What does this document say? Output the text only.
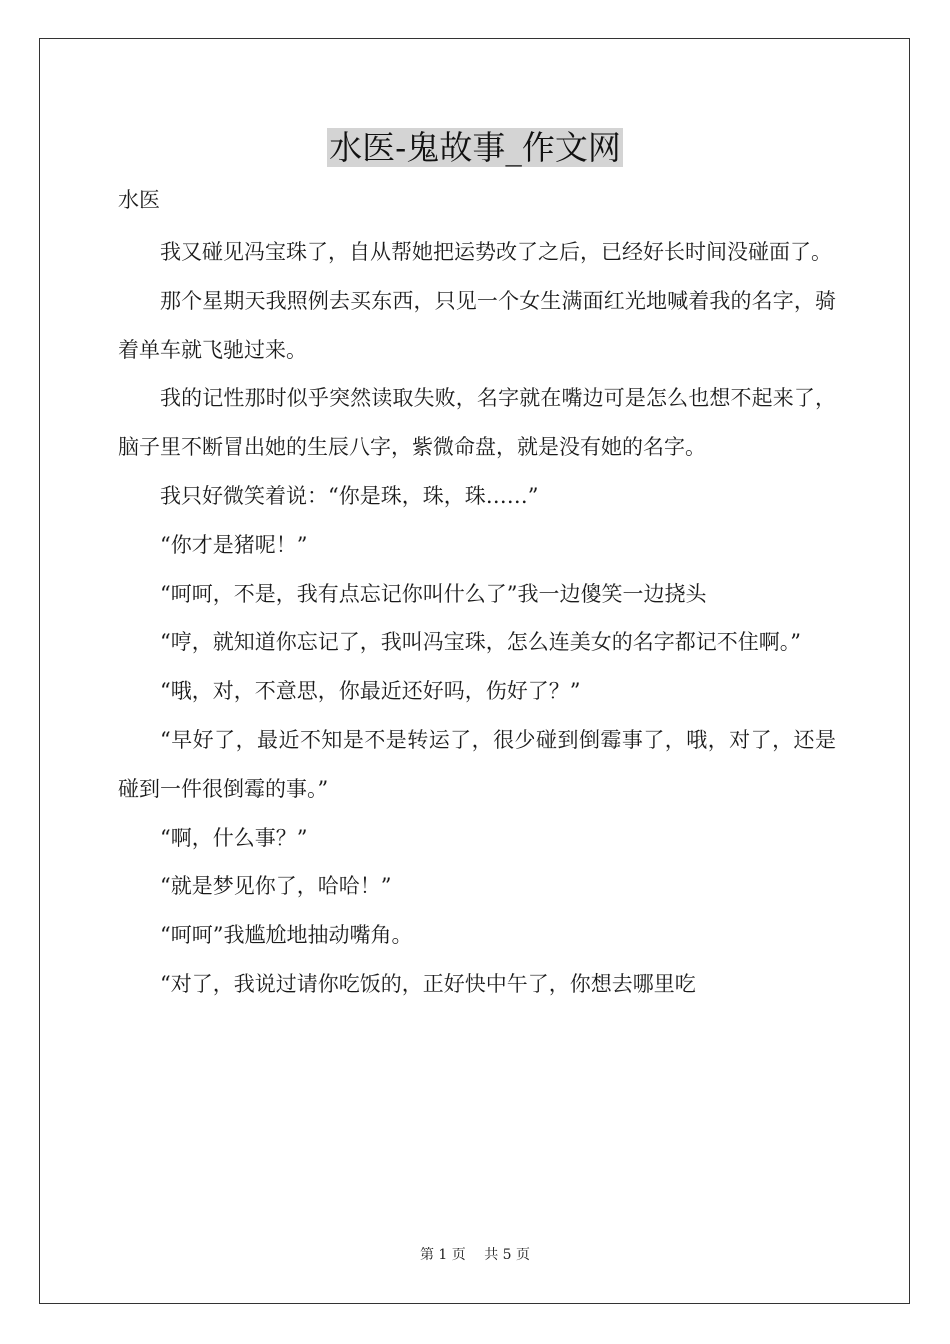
水医-鬼故事_作文网
水医

我又碰见冯宝珠了，自从帮她把运势改了之后，已经好长时间没碰面了。

那个星期天我照例去买东西，只见一个女生满面红光地喊着我的名字，骑着单车就飞驰过来。

我的记性那时似乎突然读取失败，名字就在嘴边可是怎么也想不起来了，脑子里不断冒出她的生辰八字，紫微命盘，就是没有她的名字。

我只好微笑着说：“你是珠，珠，珠……”

“你才是猪呢！”

“呵呵，不是，我有点忘记你叫什么了”我一边傻笑一边挠头

“哼，就知道你忘记了，我叫冯宝珠，怎么连美女的名字都记不住啊。”

“哦，对，不意思，你最近还好吗，伤好了？”

“早好了，最近不知是不是转运了，很少碰到倒霉事了，哦，对了，还是碰到一件很倒霉的事。”

“啊，什么事？”

“就是梦见你了，哈哈！”

“呵呵”我尴尬地抽动嘴角。

“对了，我说过请你吃饭的，正好快中午了，你想去哪里吃

第 1 页　 共 5 页
